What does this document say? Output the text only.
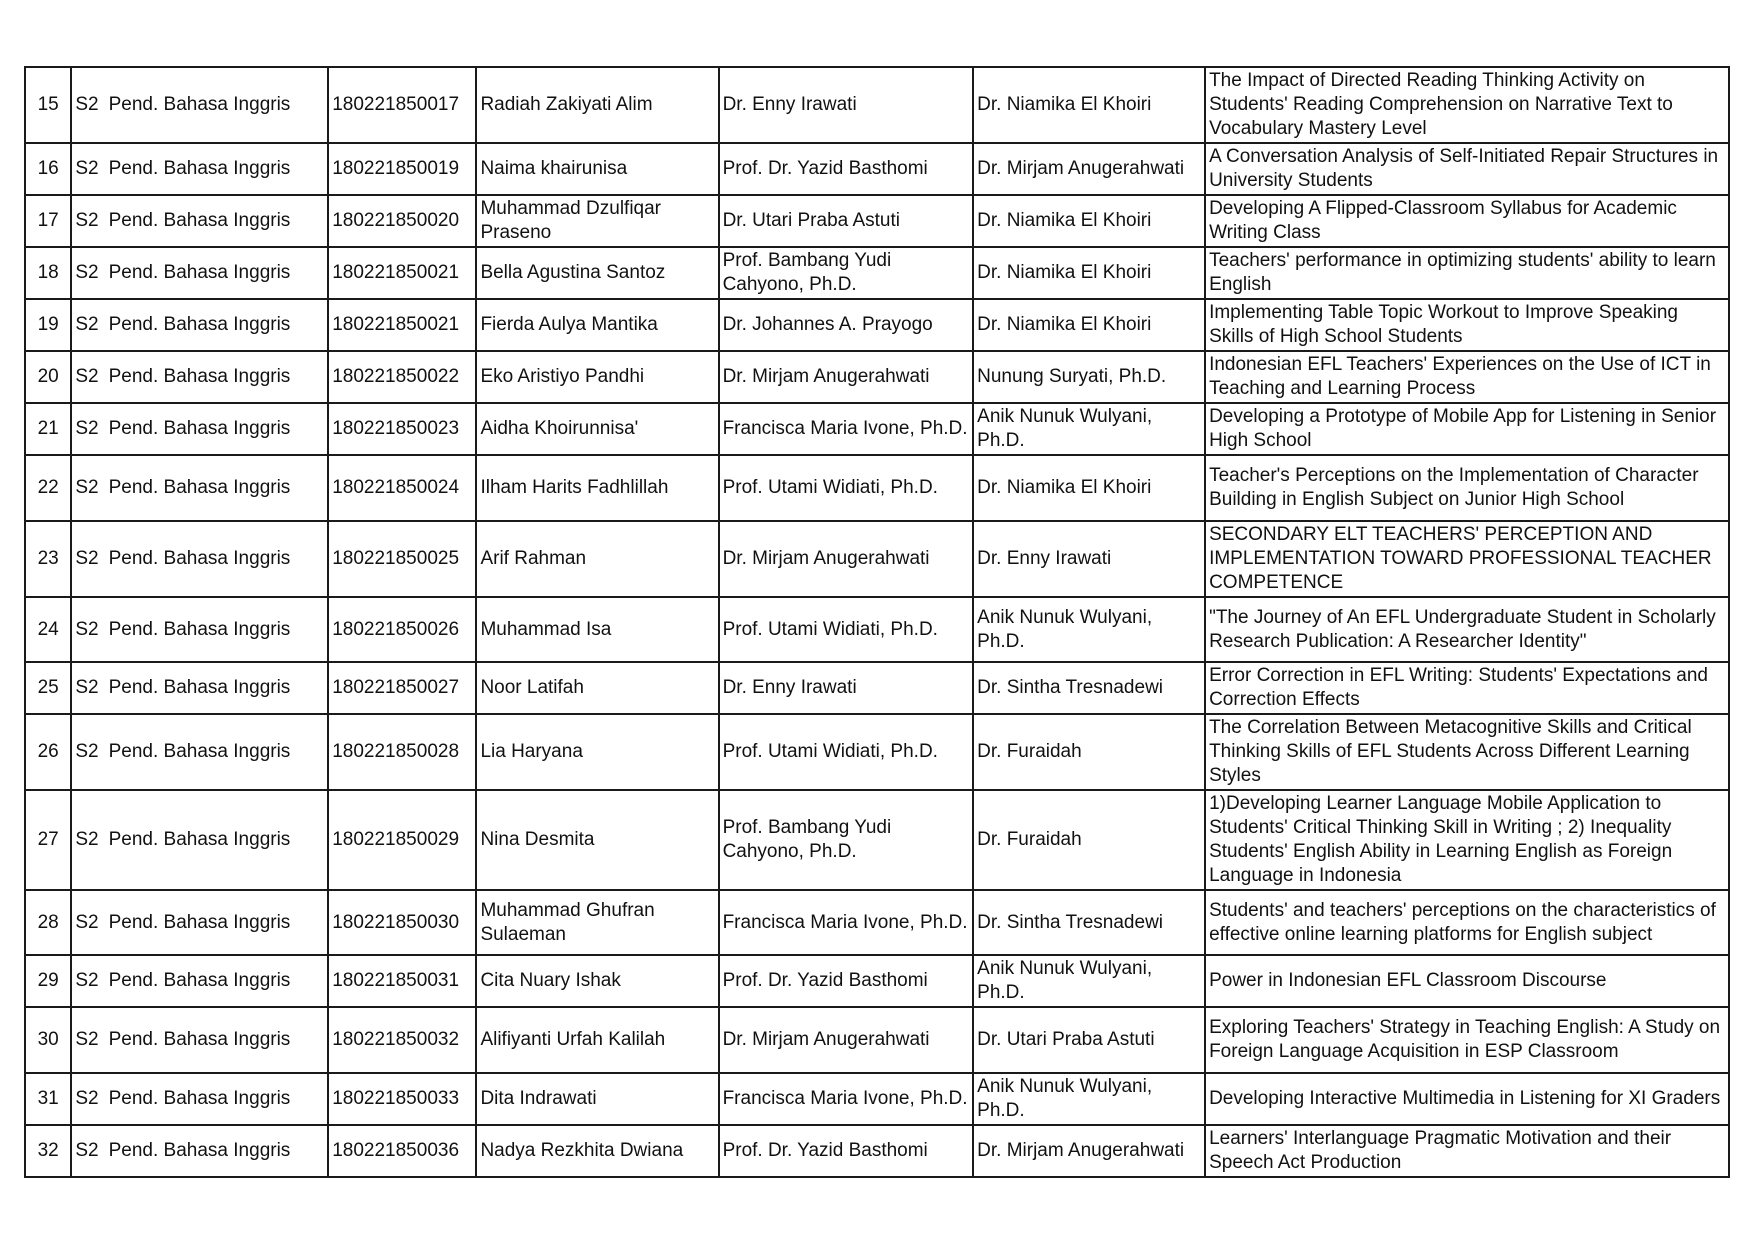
15	S2 Pend. Bahasa Inggris	180221850017	Radiah Zakiyati Alim	Dr. Enny Irawati	Dr. Niamika El Khoiri	The Impact of Directed Reading Thinking Activity on Students' Reading Comprehension on Narrative Text to Vocabulary Mastery Level
16	S2 Pend. Bahasa Inggris	180221850019	Naima khairunisa	Prof. Dr. Yazid Basthomi	Dr. Mirjam Anugerahwati	A Conversation Analysis of Self-Initiated Repair Structures in University Students
17	S2 Pend. Bahasa Inggris	180221850020	Muhammad Dzulfiqar Praseno	Dr. Utari Praba Astuti	Dr. Niamika El Khoiri	Developing A Flipped-Classroom Syllabus for Academic Writing Class
18	S2 Pend. Bahasa Inggris	180221850021	Bella Agustina Santoz	Prof. Bambang Yudi Cahyono, Ph.D.	Dr. Niamika El Khoiri	Teachers' performance in optimizing students' ability to learn English
19	S2 Pend. Bahasa Inggris	180221850021	Fierda Aulya Mantika	Dr. Johannes A. Prayogo	Dr. Niamika El Khoiri	Implementing Table Topic Workout to Improve Speaking Skills of High School Students
20	S2 Pend. Bahasa Inggris	180221850022	Eko Aristiyo Pandhi	Dr. Mirjam Anugerahwati	Nunung Suryati, Ph.D.	Indonesian EFL Teachers' Experiences on the Use of ICT in Teaching and Learning Process
21	S2 Pend. Bahasa Inggris	180221850023	Aidha Khoirunnisa'	Francisca Maria Ivone, Ph.D.	Anik Nunuk Wulyani, Ph.D.	Developing a Prototype of Mobile App for Listening in Senior High School
22	S2 Pend. Bahasa Inggris	180221850024	Ilham Harits Fadhlillah	Prof. Utami Widiati, Ph.D.	Dr. Niamika El Khoiri	Teacher's Perceptions on the Implementation of Character Building in English Subject on Junior High School
23	S2 Pend. Bahasa Inggris	180221850025	Arif Rahman	Dr. Mirjam Anugerahwati	Dr. Enny Irawati	SECONDARY ELT TEACHERS' PERCEPTION AND IMPLEMENTATION TOWARD PROFESSIONAL TEACHER COMPETENCE
24	S2 Pend. Bahasa Inggris	180221850026	Muhammad Isa	Prof. Utami Widiati, Ph.D.	Anik Nunuk Wulyani, Ph.D.	"The Journey of An EFL Undergraduate Student in Scholarly Research Publication: A Researcher Identity"
25	S2 Pend. Bahasa Inggris	180221850027	Noor Latifah	Dr. Enny Irawati	Dr. Sintha Tresnadewi	Error Correction in EFL Writing: Students' Expectations and Correction Effects
26	S2 Pend. Bahasa Inggris	180221850028	Lia Haryana	Prof. Utami Widiati, Ph.D.	Dr. Furaidah	The Correlation Between Metacognitive Skills and Critical Thinking Skills of EFL Students Across Different Learning Styles
27	S2 Pend. Bahasa Inggris	180221850029	Nina Desmita	Prof. Bambang Yudi Cahyono, Ph.D.	Dr. Furaidah	1)Developing Learner Language Mobile Application to Students' Critical Thinking Skill in Writing ; 2) Inequality Students' English Ability in Learning English as Foreign Language in Indonesia
28	S2 Pend. Bahasa Inggris	180221850030	Muhammad Ghufran Sulaeman	Francisca Maria Ivone, Ph.D.	Dr. Sintha Tresnadewi	Students' and teachers' perceptions on the characteristics of effective online learning platforms for English subject
29	S2 Pend. Bahasa Inggris	180221850031	Cita Nuary Ishak	Prof. Dr. Yazid Basthomi	Anik Nunuk Wulyani, Ph.D.	Power in Indonesian EFL Classroom Discourse
30	S2 Pend. Bahasa Inggris	180221850032	Alifiyanti Urfah Kalilah	Dr. Mirjam Anugerahwati	Dr. Utari Praba Astuti	Exploring Teachers' Strategy in Teaching English: A Study on Foreign Language Acquisition in ESP Classroom
31	S2 Pend. Bahasa Inggris	180221850033	Dita Indrawati	Francisca Maria Ivone, Ph.D.	Anik Nunuk Wulyani, Ph.D.	Developing Interactive Multimedia in Listening for XI Graders
32	S2 Pend. Bahasa Inggris	180221850036	Nadya Rezkhita Dwiana	Prof. Dr. Yazid Basthomi	Dr. Mirjam Anugerahwati	Learners' Interlanguage Pragmatic Motivation and their Speech Act Production
